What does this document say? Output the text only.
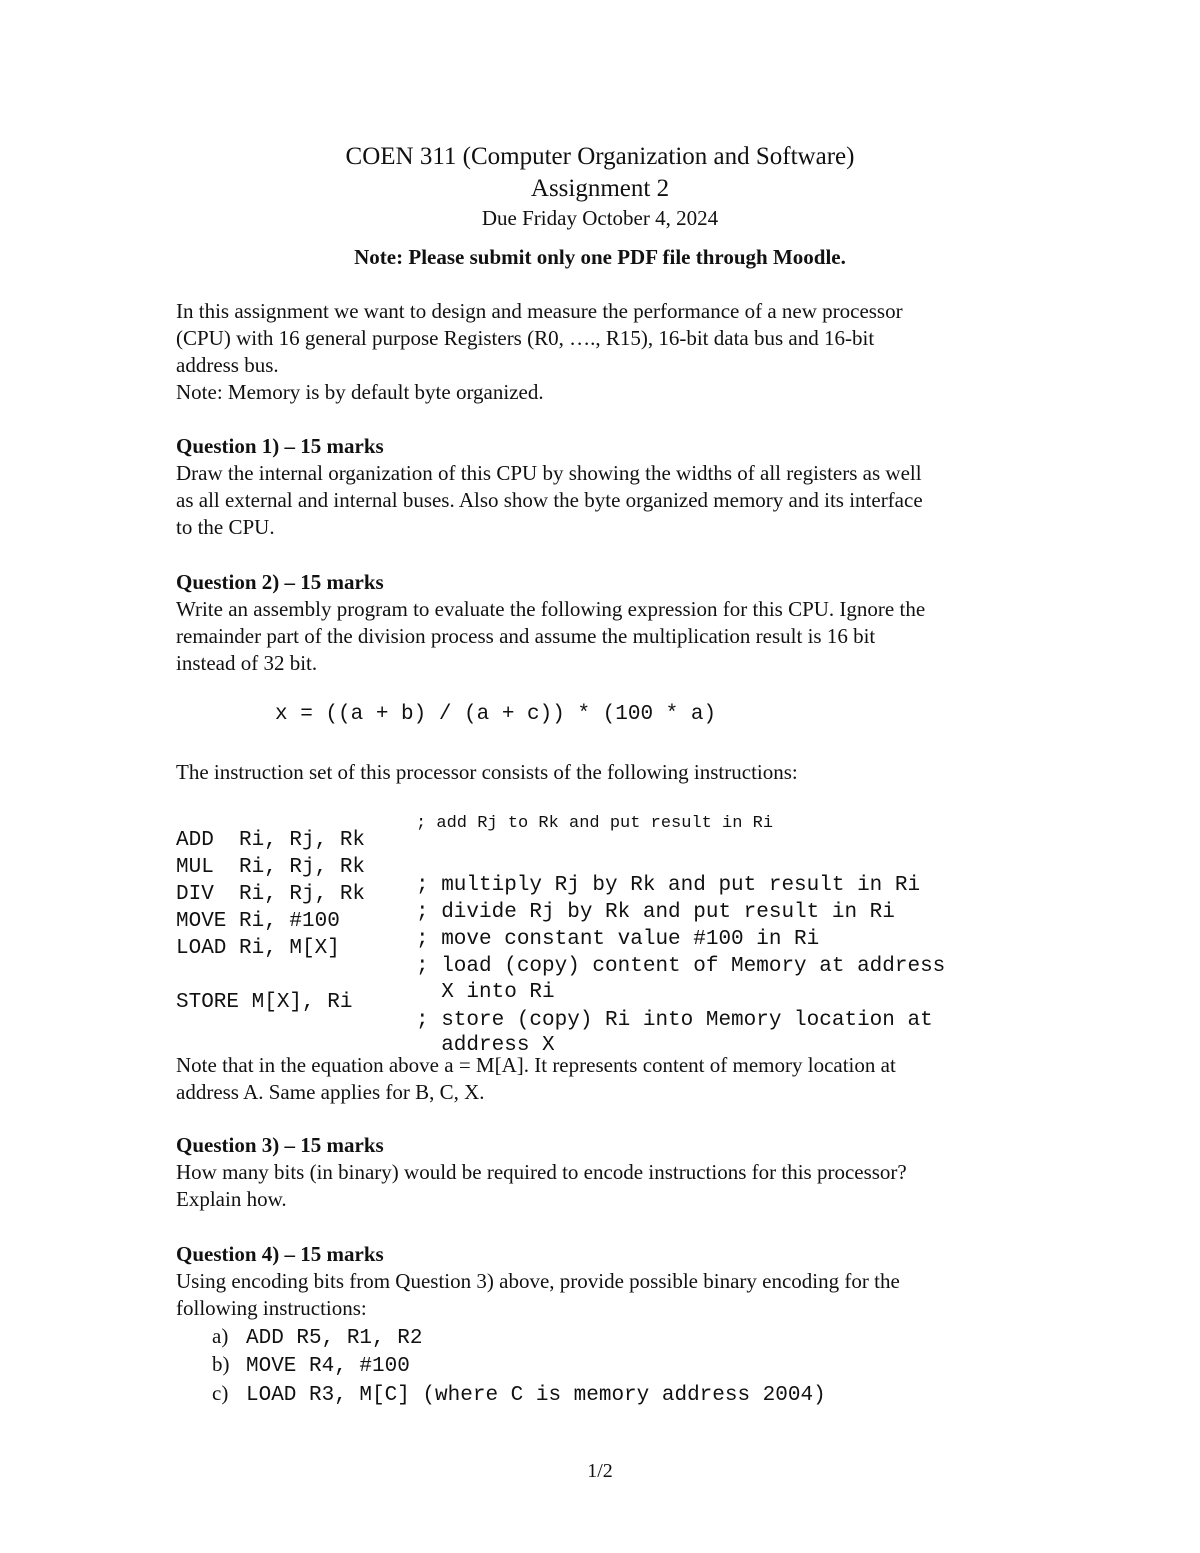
COEN 311 (Computer Organization and Software)
Assignment 2
Due Friday October 4, 2024
Note: Please submit only one PDF file through Moodle.
In this assignment we want to design and measure the performance of a new processor
(CPU) with 16 general purpose Registers (R0, …., R15), 16-bit data bus and 16-bit
address bus.
Note: Memory is by default byte organized.
Question 1) – 15 marks
Draw the internal organization of this CPU by showing the widths of all registers as well
as all external and internal buses. Also show the byte organized memory and its interface
to the CPU.
Question 2) – 15 marks
Write an assembly program to evaluate the following expression for this CPU. Ignore the
remainder part of the division process and assume the multiplication result is 16 bit
instead of 32 bit.
x = ((a + b) / (a + c)) * (100 * a)
The instruction set of this processor consists of the following instructions:

ADD  Ri, Rj, Rk

; add Rj to Rk and put result in Ri

MUL  Ri, Rj, Rk

; multiply Rj by Rk and put result in Ri

DIV  Ri, Rj, Rk

; divide Rj by Rk and put result in Ri

MOVE Ri, #100

; move constant value #100 in Ri

LOAD Ri, M[X]

; load (copy) content of Memory at address

X into Ri

STORE M[X], Ri

; store (copy) Ri into Memory location at

address X

Note that in the equation above a = M[A]. It represents content of memory location at
address A. Same applies for B, C, X.
Question 3) – 15 marks
How many bits (in binary) would be required to encode instructions for this processor?
Explain how.
Question 4) – 15 marks
Using encoding bits from Question 3) above, provide possible binary encoding for the
following instructions:
a) ADD R5, R1, R2
b) MOVE R4, #100
c) LOAD R3, M[C] (where C is memory address 2004)
1/2
